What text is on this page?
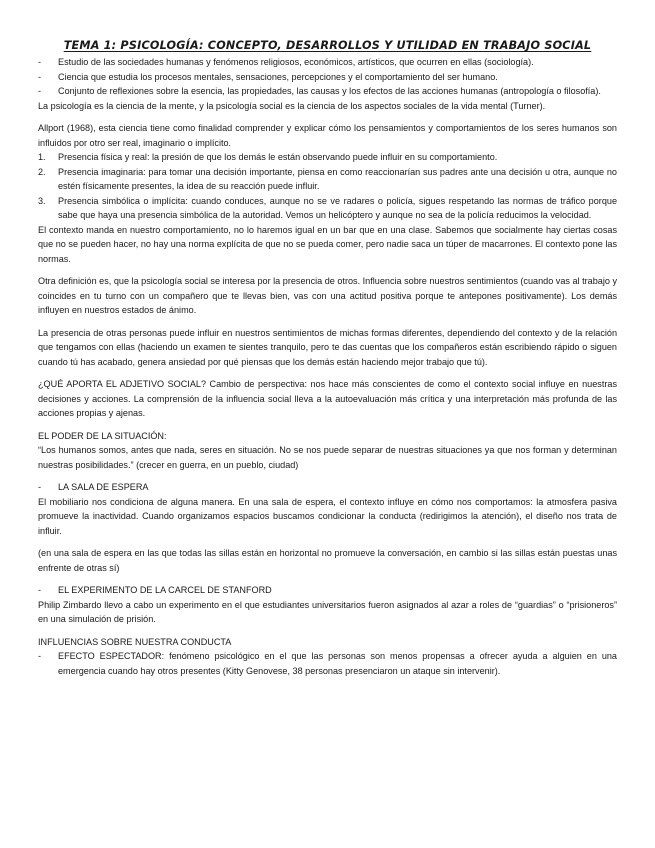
TEMA 1: PSICOLOGÍA: CONCEPTO, DESARROLLOS Y UTILIDAD EN TRABAJO SOCIAL
- Estudio de las sociedades humanas y fenómenos religiosos, económicos, artísticos, que ocurren en ellas (sociología).
- Ciencia que estudia los procesos mentales, sensaciones, percepciones y el comportamiento del ser humano.
- Conjunto de reflexiones sobre la esencia, las propiedades, las causas y los efectos de las acciones humanas (antropología o filosofía).

La psicología es la ciencia de la mente, y la psicología social es la ciencia de los aspectos sociales de la vida mental (Turner).

Allport (1968), esta ciencia tiene como finalidad comprender y explicar cómo los pensamientos y comportamientos de los seres humanos son influidos por otro ser real, imaginario o implícito.

1. Presencia física y real: la presión de que los demás le están observando puede influir en su comportamiento.
2. Presencia imaginaria: para tomar una decisión importante, piensa en como reaccionarían sus padres ante una decisión u otra, aunque no estén físicamente presentes, la idea de su reacción puede influir.
3. Presencia simbólica o implícita: cuando conduces, aunque no se ve radares o policía, sigues respetando las normas de tráfico porque sabe que haya una presencia simbólica de la autoridad. Vemos un helicóptero y aunque no sea de la policía reducimos la velocidad.

El contexto manda en nuestro comportamiento, no lo haremos igual en un bar que en una clase. Sabemos que socialmente hay ciertas cosas que no se pueden hacer, no hay una norma explícita de que no se pueda comer, pero nadie saca un túper de macarrones. El contexto pone las normas.

Otra definición es, que la psicología social se interesa por la presencia de otros. Influencia sobre nuestros sentimientos (cuando vas al trabajo y coincides en tu turno con un compañero que te llevas bien, vas con una actitud positiva porque te antepones positivamente). Los demás influyen en nuestros estados de ánimo.

La presencia de otras personas puede influir en nuestros sentimientos de michas formas diferentes, dependiendo del contexto y de la relación que tengamos con ellas (haciendo un examen te sientes tranquilo, pero te das cuentas que los compañeros están escribiendo rápido o siguen cuando tú has acabado, genera ansiedad por qué piensas que los demás están haciendo mejor trabajo que tú).

¿QUÉ APORTA EL ADJETIVO SOCIAL? Cambio de perspectiva: nos hace más conscientes de como el contexto social influye en nuestras decisiones y acciones. La comprensión de la influencia social lleva a la autoevaluación más crítica y una interpretación más profunda de las acciones propias y ajenas.

EL PODER DE LA SITUACIÓN:

“Los humanos somos, antes que nada, seres en situación. No se nos puede separar de nuestras situaciones ya que nos forman y determinan nuestras posibilidades.” (crecer en guerra, en un pueblo, ciudad)

- LA SALA DE ESPERA

El mobiliario nos condiciona de alguna manera. En una sala de espera, el contexto influye en cómo nos comportamos: la atmosfera pasiva promueve la inactividad. Cuando organizamos espacios buscamos condicionar la conducta (redirigimos la atención), el diseño nos trata de influir.

(en una sala de espera en las que todas las sillas están en horizontal no promueve la conversación, en cambio si las sillas están puestas unas enfrente de otras sí)

- EL EXPERIMENTO DE LA CARCEL DE STANFORD

Philip Zimbardo llevo a cabo un experimento en el que estudiantes universitarios fueron asignados al azar a roles de “guardias” o “prisioneros” en una simulación de prisión.

INFLUENCIAS SOBRE NUESTRA CONDUCTA

- EFECTO ESPECTADOR: fenómeno psicológico en el que las personas son menos propensas a ofrecer ayuda a alguien en una emergencia cuando hay otros presentes (Kitty Genovese, 38 personas presenciaron un ataque sin intervenir).
